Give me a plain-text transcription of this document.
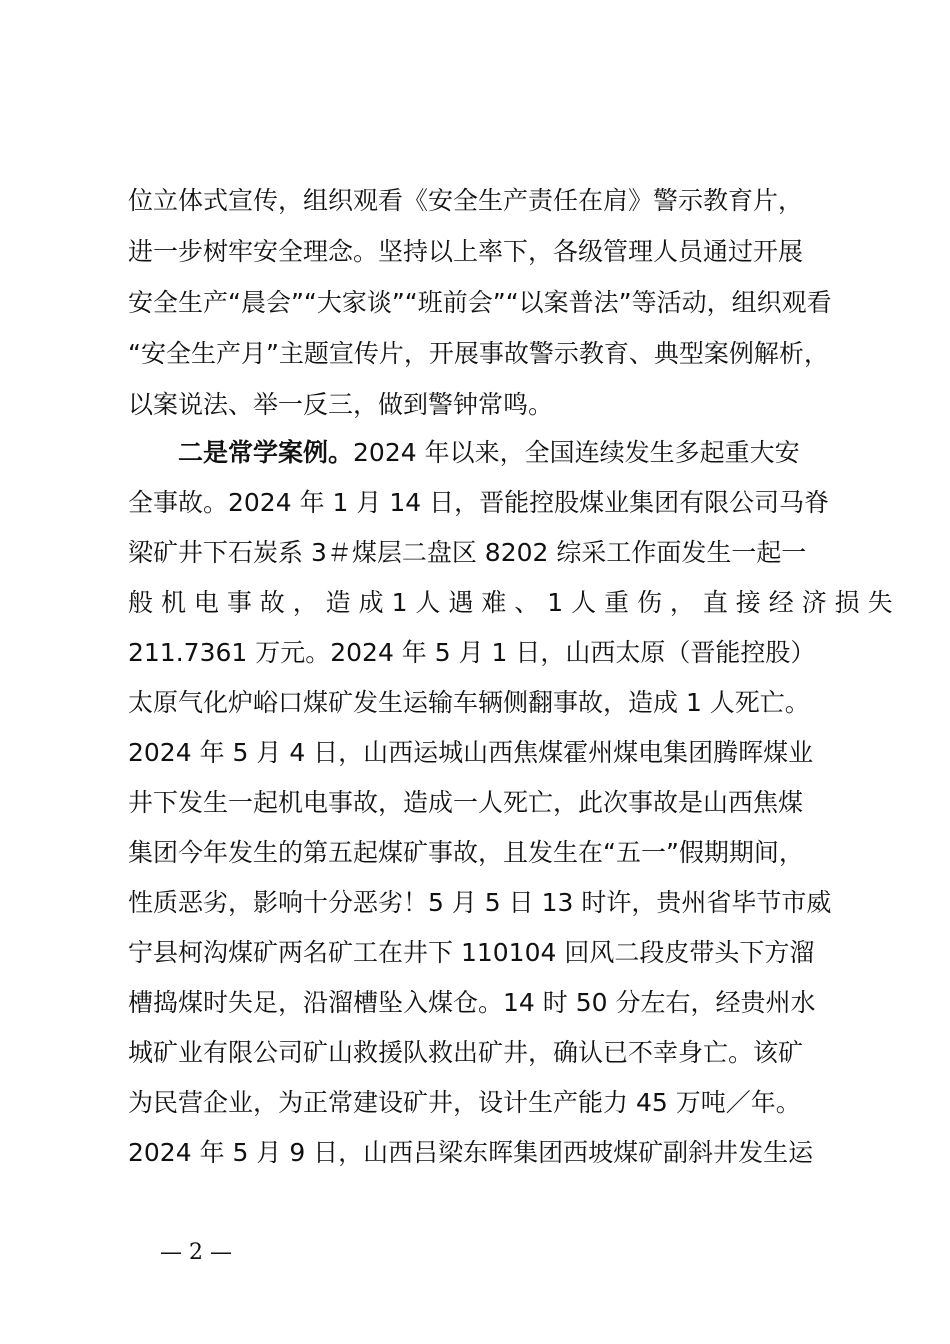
位立体式宣传，组织观看《安全生产责任在肩》警示教育片，
进一步树牢安全理念。坚持以上率下，各级管理人员通过开展
安全生产“晨会”“大家谈”“班前会”“以案普法”等活动，组织观看
“安全生产月”主题宣传片，开展事故警示教育、典型案例解析，
以案说法、举一反三，做到警钟常鸣。
二是常学案例。2024 年以来，全国连续发生多起重大安
全事故。2024 年 1 月 14 日，晋能控股煤业集团有限公司马脊
梁矿井下石炭系 3＃煤层二盘区 8202 综采工作面发生一起一
般 机 电 事 故 ， 造 成 1 人 遇 难 、 1 人 重 伤 ， 直 接 经 济 损 失
211.7361 万元。2024 年 5 月 1 日，山西太原（晋能控股）
太原气化炉峪口煤矿发生运输车辆侧翻事故，造成 1 人死亡。
2024 年 5 月 4 日，山西运城山西焦煤霍州煤电集团腾晖煤业
井下发生一起机电事故，造成一人死亡，此次事故是山西焦煤
集团今年发生的第五起煤矿事故，且发生在“五一”假期期间，
性质恶劣，影响十分恶劣！5 月 5 日 13 时许，贵州省毕节市威
宁县柯沟煤矿两名矿工在井下 110104 回风二段皮带头下方溜
槽捣煤时失足，沿溜槽坠入煤仓。14 时 50 分左右，经贵州水
城矿业有限公司矿山救援队救出矿井，确认已不幸身亡。该矿
为民营企业，为正常建设矿井，设计生产能力 45 万吨／年。
2024 年 5 月 9 日，山西吕梁东晖集团西坡煤矿副斜井发生运
— 2 —
